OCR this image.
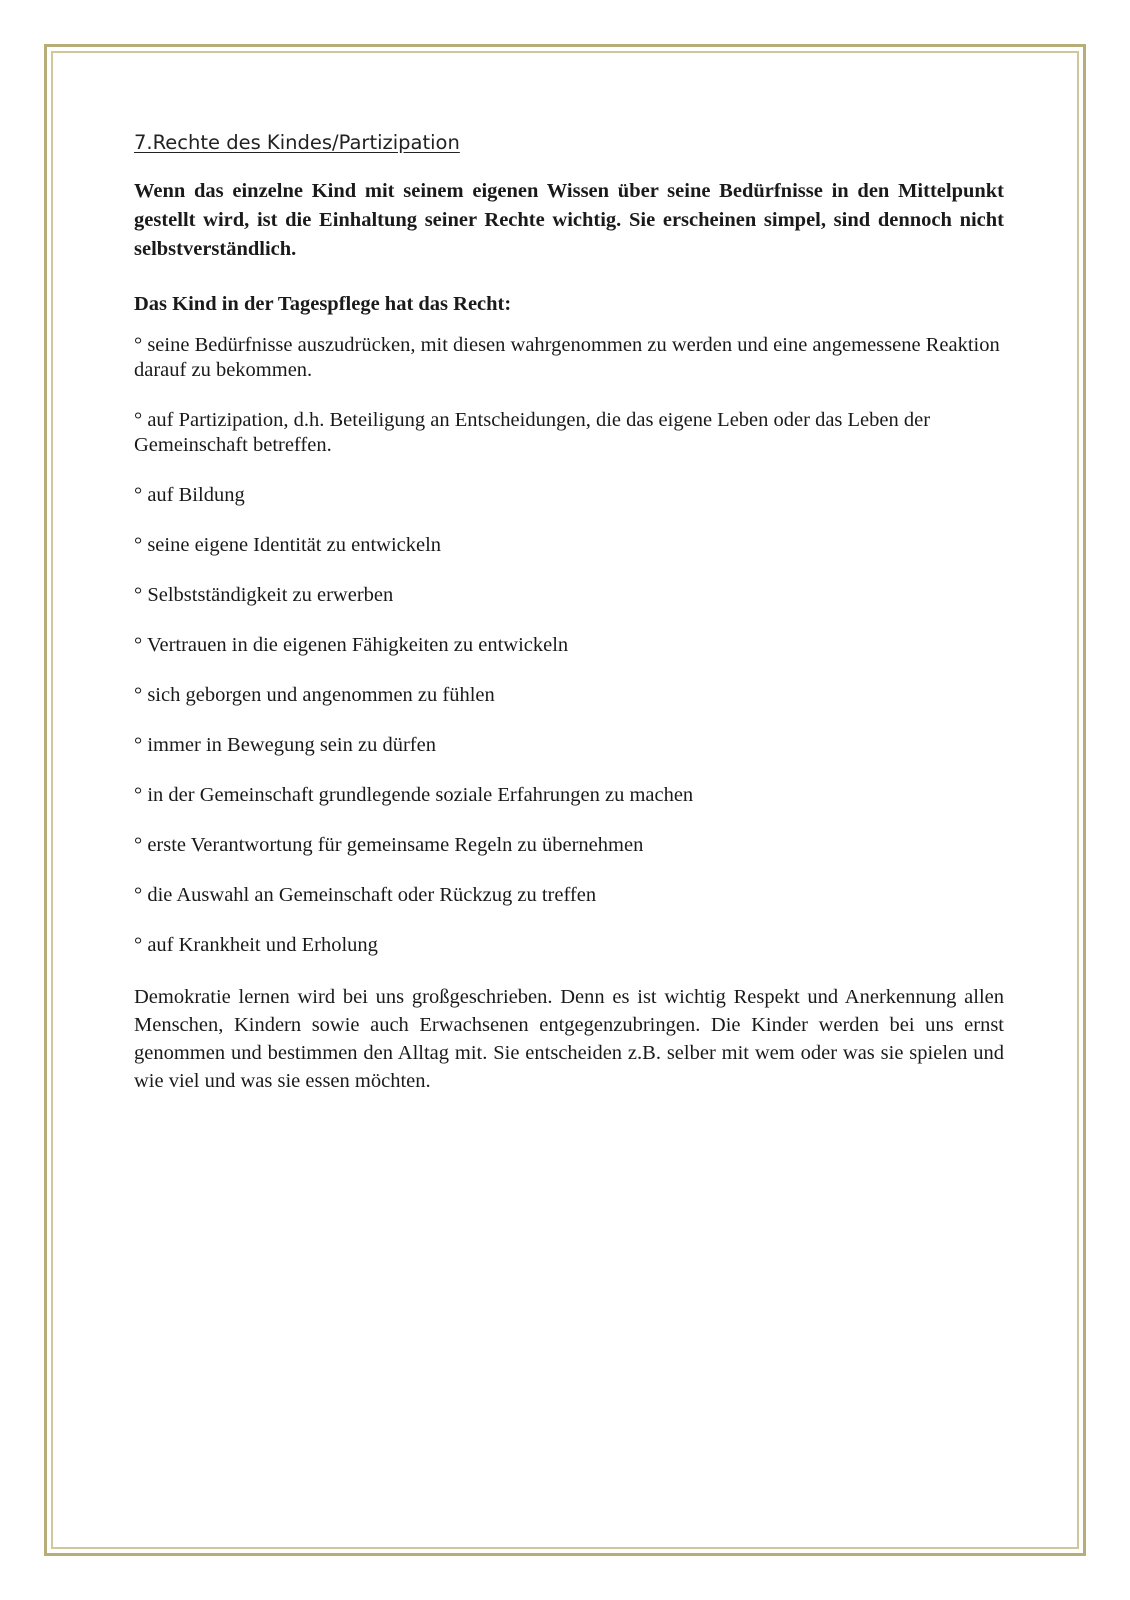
7.Rechte des Kindes/Partizipation

Wenn das einzelne Kind mit seinem eigenen Wissen über seine Bedürfnisse in den Mittelpunkt gestellt wird, ist die Einhaltung seiner Rechte wichtig. Sie erscheinen simpel, sind dennoch nicht selbstverständlich.

Das Kind in der Tagespflege hat das Recht:

° seine Bedürfnisse auszudrücken, mit diesen wahrgenommen zu werden und eine angemessene Reaktion darauf zu bekommen.
° auf Partizipation, d.h. Beteiligung an Entscheidungen, die das eigene Leben oder das Leben der Gemeinschaft betreffen.
° auf Bildung
° seine eigene Identität zu entwickeln
° Selbstständigkeit zu erwerben
° Vertrauen in die eigenen Fähigkeiten zu entwickeln
° sich geborgen und angenommen zu fühlen
° immer in Bewegung sein zu dürfen
° in der Gemeinschaft grundlegende soziale Erfahrungen zu machen
° erste Verantwortung für gemeinsame Regeln zu übernehmen
° die Auswahl an Gemeinschaft oder Rückzug zu treffen
° auf Krankheit und Erholung

Demokratie lernen wird bei uns großgeschrieben. Denn es ist wichtig Respekt und Anerkennung allen Menschen, Kindern sowie auch Erwachsenen entgegenzubringen. Die Kinder werden bei uns ernst genommen und bestimmen den Alltag mit. Sie entscheiden z.B. selber mit wem oder was sie spielen und wie viel und was sie essen möchten.
